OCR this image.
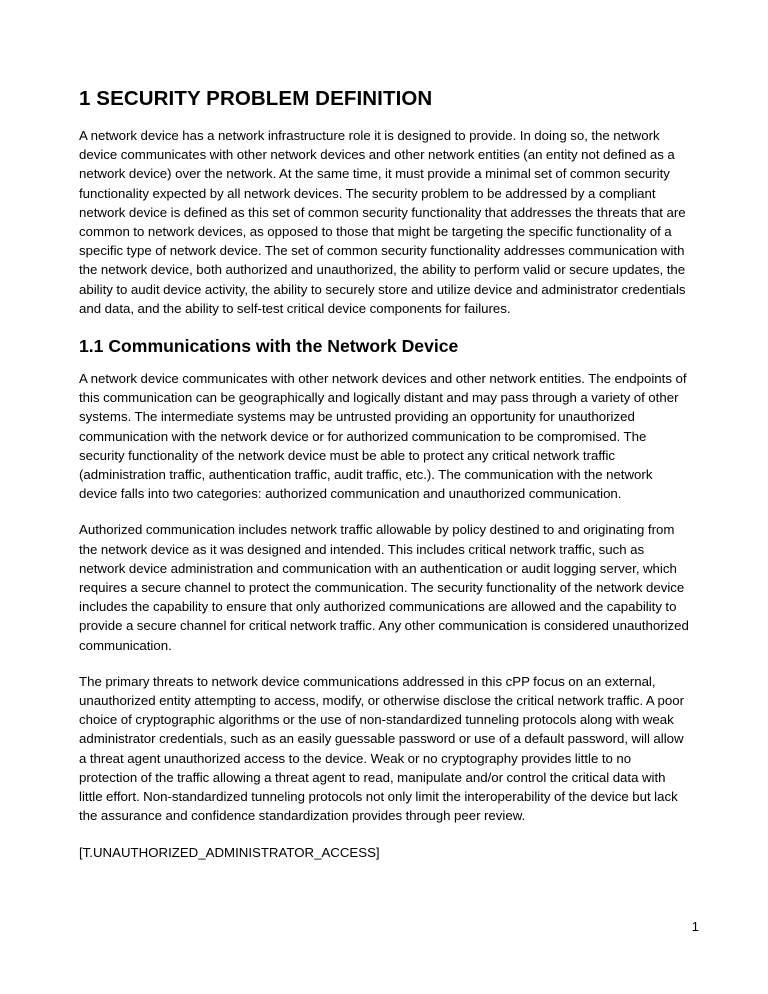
1 SECURITY PROBLEM DEFINITION

A network device has a network infrastructure role it is designed to provide. In doing so, the network device communicates with other network devices and other network entities (an entity not defined as a network device) over the network. At the same time, it must provide a minimal set of common security functionality expected by all network devices. The security problem to be addressed by a compliant network device is defined as this set of common security functionality that addresses the threats that are common to network devices, as opposed to those that might be targeting the specific functionality of a specific type of network device. The set of common security functionality addresses communication with the network device, both authorized and unauthorized, the ability to perform valid or secure updates, the ability to audit device activity, the ability to securely store and utilize device and administrator credentials and data, and the ability to self-test critical device components for failures.

1.1 Communications with the Network Device

A network device communicates with other network devices and other network entities. The endpoints of this communication can be geographically and logically distant and may pass through a variety of other systems. The intermediate systems may be untrusted providing an opportunity for unauthorized communication with the network device or for authorized communication to be compromised. The security functionality of the network device must be able to protect any critical network traffic (administration traffic, authentication traffic, audit traffic, etc.). The communication with the network device falls into two categories: authorized communication and unauthorized communication.

Authorized communication includes network traffic allowable by policy destined to and originating from the network device as it was designed and intended. This includes critical network traffic, such as network device administration and communication with an authentication or audit logging server, which requires a secure channel to protect the communication. The security functionality of the network device includes the capability to ensure that only authorized communications are allowed and the capability to provide a secure channel for critical network traffic. Any other communication is considered unauthorized communication.

The primary threats to network device communications addressed in this cPP focus on an external, unauthorized entity attempting to access, modify, or otherwise disclose the critical network traffic. A poor choice of cryptographic algorithms or the use of non-standardized tunneling protocols along with weak administrator credentials, such as an easily guessable password or use of a default password, will allow a threat agent unauthorized access to the device. Weak or no cryptography provides little to no protection of the traffic allowing a threat agent to read, manipulate and/or control the critical data with little effort. Non-standardized tunneling protocols not only limit the interoperability of the device but lack the assurance and confidence standardization provides through peer review.

[T.UNAUTHORIZED_ADMINISTRATOR_ACCESS]

1
